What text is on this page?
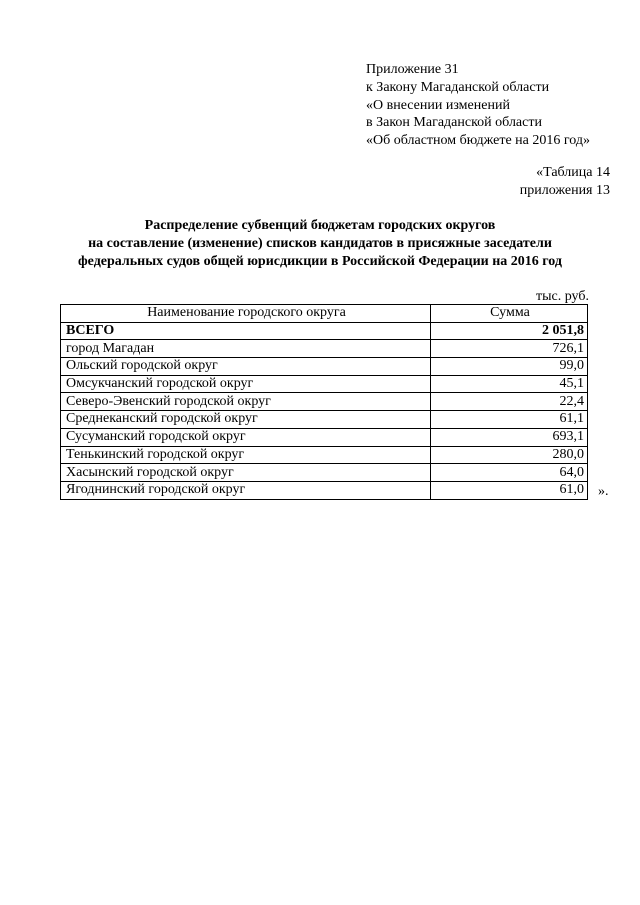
Приложение 31
к Закону Магаданской области
«О внесении изменений
в Закон Магаданской области
«Об областном бюджете на 2016 год»
«Таблица 14
приложения 13
Распределение субвенций бюджетам городских округов
на составление (изменение) списков кандидатов в присяжные заседатели
федеральных судов общей юрисдикции в Российской Федерации на 2016 год
тыс. руб.
Наименование городского округа	Сумма
ВСЕГО	2 051,8
город Магадан	726,1
Ольский городской округ	99,0
Омсукчанский городской округ	45,1
Северо-Эвенский городской округ	22,4
Среднеканский городской округ	61,1
Сусуманский городской округ	693,1
Тенькинский городской округ	280,0
Хасынский городской округ	64,0
Ягоднинский городской округ	61,0 ».
